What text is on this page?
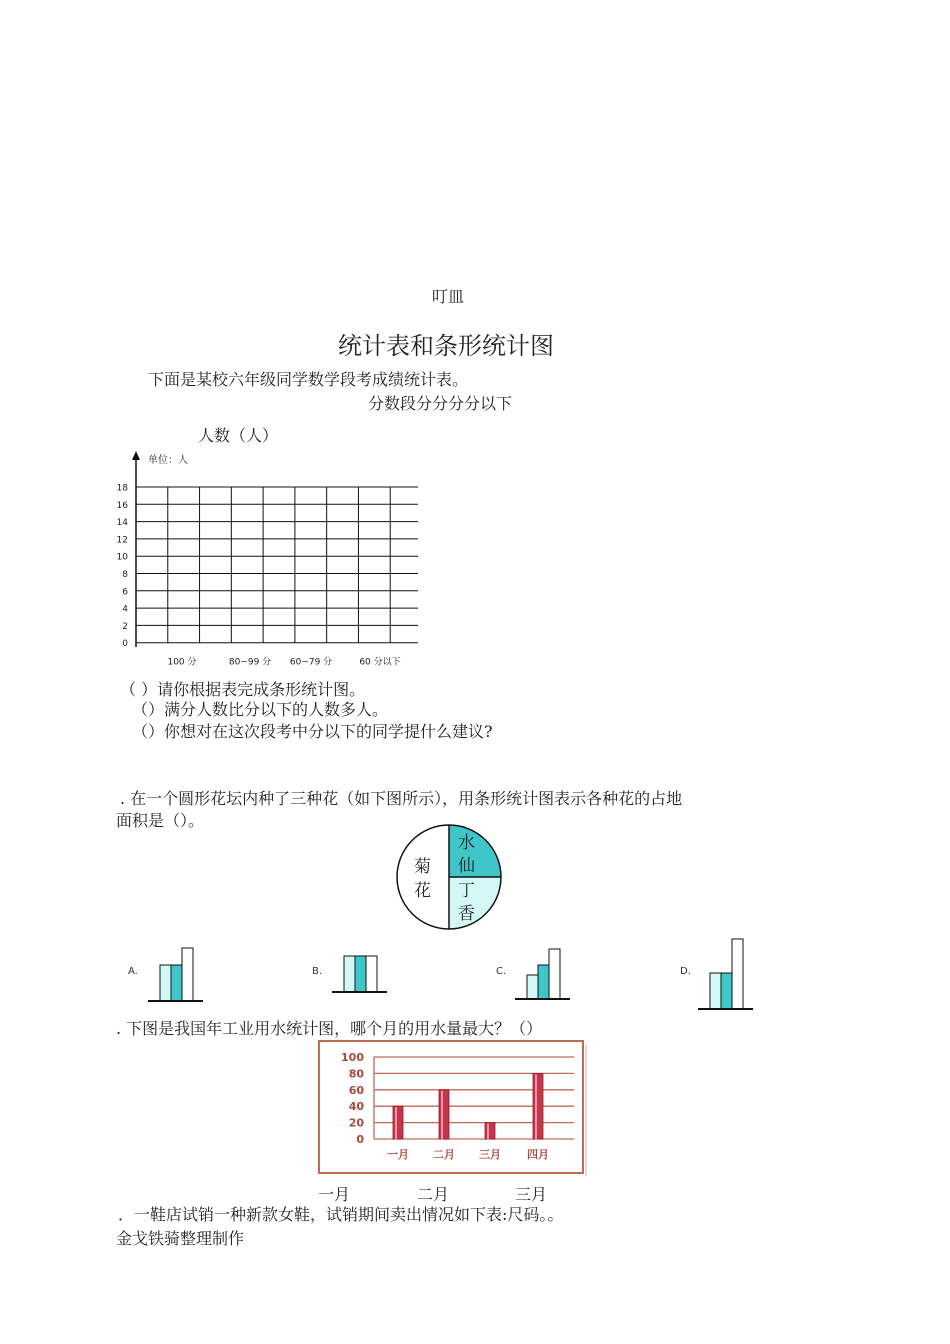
叮皿
统计表和条形统计图
下面是某校六年级同学数学段考成绩统计表。
分数段分分分分以下
人数（人）
单位：人
18
16
14
12
10
8
6
4
2
0
100 分	80~99 分 60~79 分	60 分以下
（ ）请你根据表完成条形统计图。
（）满分人数比分以下的人数多人。
（）你想对在这次段考中分以下的同学提什么建议?
. 在一个圆形花坛内种了三种花（如下图所示），用条形统计图表示各种花的占地
面积是（）。
菊
花
水
仙
丁
香
A.	B.	C.	D.
. 下图是我国年工业用水统计图，哪个月的用水量最大？（）
100
80
60
40
20
0
一月 二月 三月 四月
一月	二月	三月
．一鞋店试销一种新款女鞋，试销期间卖出情况如下表:尺码。。
金戈铁骑整理制作
